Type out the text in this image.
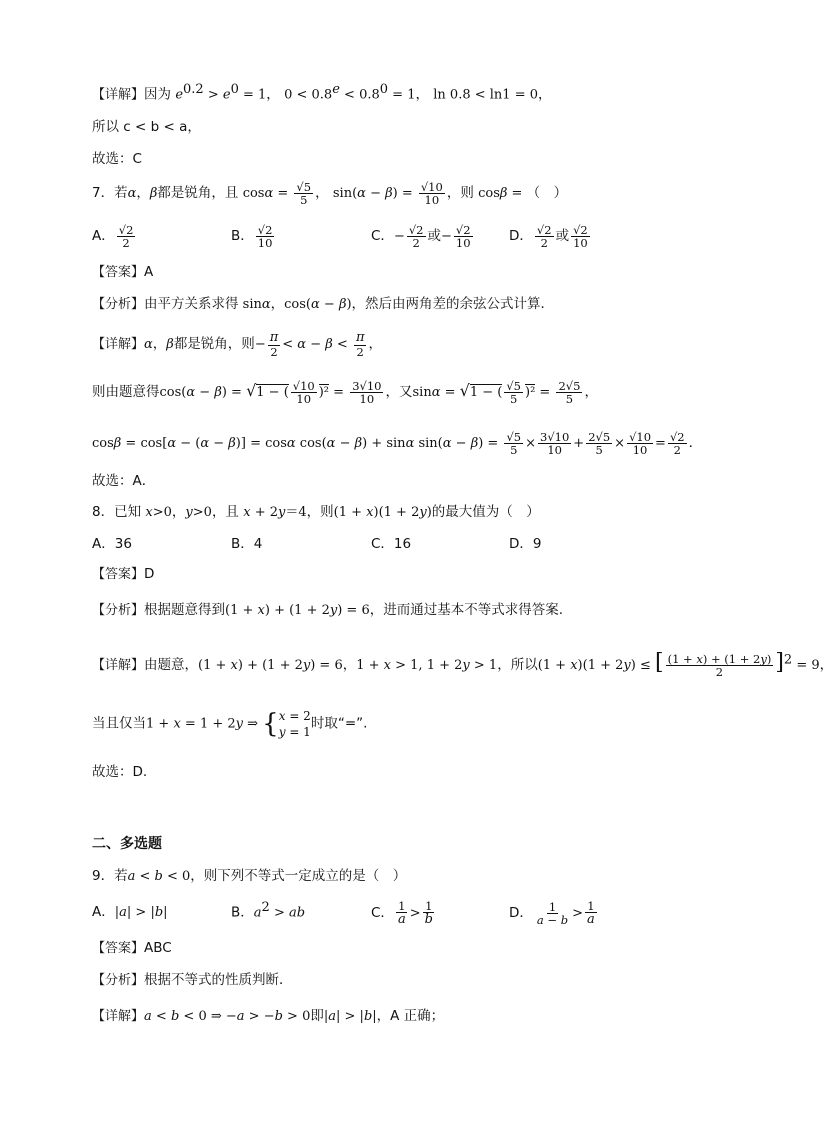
【详解】因为 $e^{0.2} > e^0 = 1$， $0 < 0.8^e < 0.8^0 = 1$， ln 0.8 < ln1 = 0，
所以 c < b < a，
故选：C
7．若α，β都是锐角，且 $\cos\alpha = \frac{√5}{5}$ ， $\sin(\alpha - \beta) = \frac{√10}{10}$ ，则 cosβ = （　）
A． $\frac{√2}{2}$	B． $\frac{√2}{10}$	C．− $\frac{√2}{2}$ 或− $\frac{√2}{10}$	D． $\frac{√2}{2}$ 或 $\frac{√2}{10}$
【答案】A
【分析】由平方关系求得 sinα，cos(α − β)，然后由两角差的余弦公式计算．
【详解】α，β都是锐角，则− $\frac{\pi}{2} < \alpha - \beta < \frac{\pi}{2}$ ，
则由题意得cos(α − β) = √1 − ( $\frac{√10}{10} )^2 = \frac{3√10}{10}$ ，又sinα = √1 − ( $\frac{√5}{5} )^2 = \frac{2√5}{5}$ ，
cosβ = cos[α − (α − β)] = cosα cos(α − β) + sinα $\sin(\alpha - \beta) = \frac{√5}{5} \times \frac{3√10}{10} + \frac{2√5}{5} \times \frac{√10}{10} = \frac{√2}{2}$ ．
故选：A．
8．已知 x>0，y>0，且 x + 2y＝4，则(1 + x)(1 + 2y)的最大值为（　）
A．36	B．4	C．16	D．9
【答案】D
【分析】根据题意得到(1 + x) + (1 + 2y) = 6，进而通过基本不等式求得答案.
【详解】由题意，(1 + x) + (1 + 2y) = 6，1 + x > 1, 1 + 2y > 1，所以(1 + x)(1 + 2y) ≤ [ $\frac{(1 + x) + (1 + 2y)}{2} ]^2 = 9$，
当且仅当1 + x = 1 + 2y ⇒ { x = 2
y = 1
时取“=”.
故选：D.
二、多选题
9．若a < b < 0，则下列不等式一定成立的是（　）
A．|a| > |b|	B．$a^2$ > ab	C． $\frac{1}{a} > \frac{1}{b}$	D． $\frac{1}{a - b} > \frac{1}{a}$
【答案】ABC
【分析】根据不等式的性质判断．
【详解】a < b < 0 ⇒ −a > −b > 0即|a| > |b|，A 正确；
